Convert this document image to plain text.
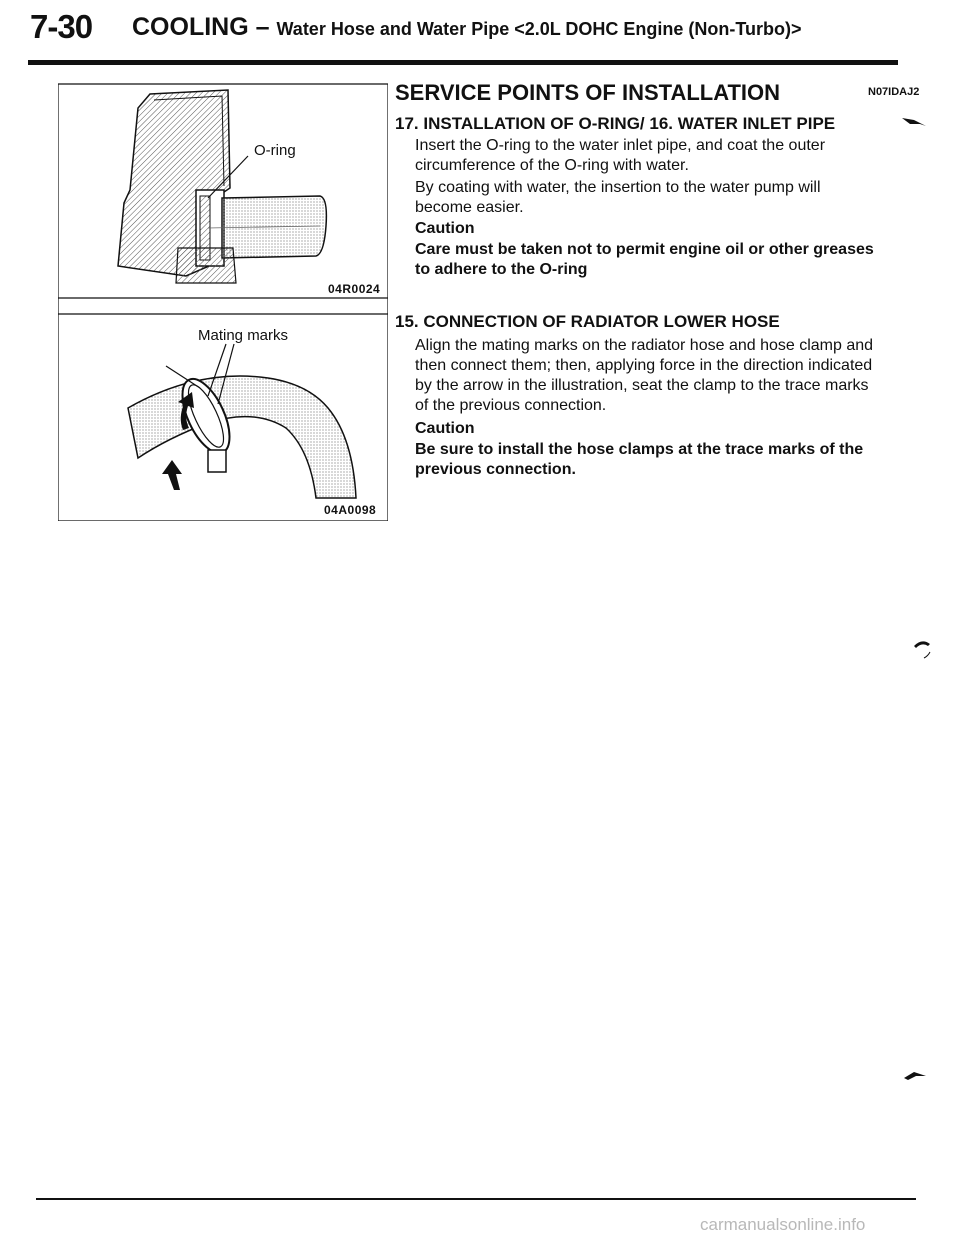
7-30 COOLING – Water Hose and Water Pipe <2.0L DOHC Engine (Non-Turbo)>
O-ring
04R0024
Mating marks
04A0098
SERVICE POINTS OF INSTALLATION	N07IDAJ2
17. INSTALLATION OF O-RING/ 16. WATER INLET PIPE
Insert the O-ring to the water inlet pipe, and coat the outer circumference of the O-ring with water.
By coating with water, the insertion to the water pump will become easier.
Caution
Care must be taken not to permit engine oil or other greases to adhere to the O-ring
15. CONNECTION OF RADIATOR LOWER HOSE
Align the mating marks on the radiator hose and hose clamp and then connect them; then, applying force in the direction indicated by the arrow in the illustration, seat the clamp to the trace marks of the previous connection.
Caution
Be sure to install the hose clamps at the trace marks of the previous connection.
carmanualsonline.info
